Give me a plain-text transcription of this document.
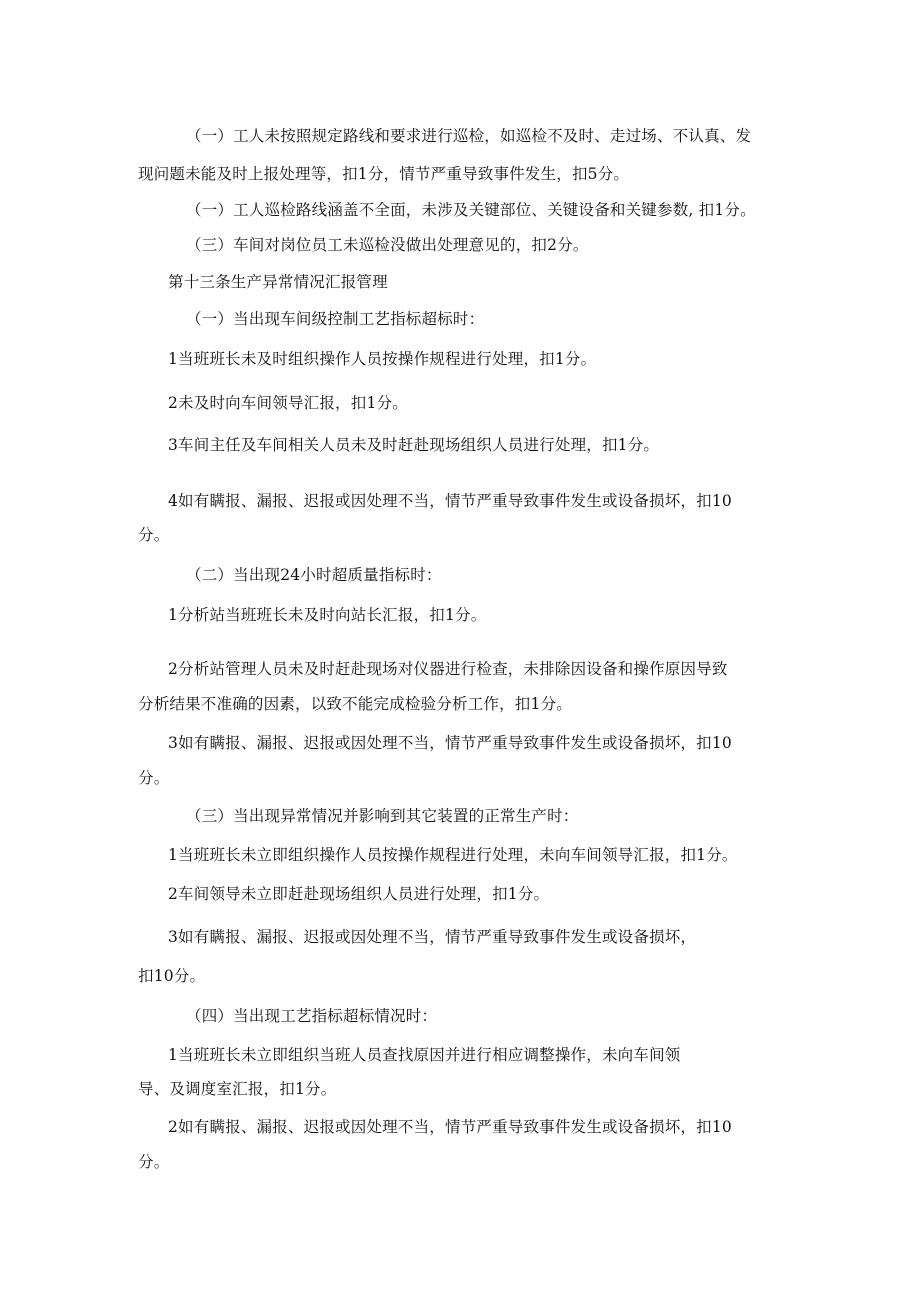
（一）工人未按照规定路线和要求进行巡检，如巡检不及时、走过场、不认真、发
现问题未能及时上报处理等，扣1分，情节严重导致事件发生，扣5分。
（一）工人巡检路线涵盖不全面，未涉及关键部位、关键设备和关键参数, 扣1分。
（三）车间对岗位员工未巡检没做出处理意见的，扣2分。
第十三条生产异常情况汇报管理
（一）当出现车间级控制工艺指标超标时：
1当班班长未及时组织操作人员按操作规程进行处理，扣1分。
2未及时向车间领导汇报，扣1分。
3车间主任及车间相关人员未及时赶赴现场组织人员进行处理，扣1分。
4如有瞒报、漏报、迟报或因处理不当，情节严重导致事件发生或设备损坏，扣10
分。
（二）当出现24小时超质量指标时：
1分析站当班班长未及时向站长汇报，扣1分。
2分析站管理人员未及时赶赴现场对仪器进行检查，未排除因设备和操作原因导致
分析结果不准确的因素，以致不能完成检验分析工作，扣1分。
3如有瞒报、漏报、迟报或因处理不当，情节严重导致事件发生或设备损坏，扣10
分。
（三）当出现异常情况并影响到其它装置的正常生产时：
1当班班长未立即组织操作人员按操作规程进行处理，未向车间领导汇报，扣1分。
2车间领导未立即赶赴现场组织人员进行处理，扣1分。
3如有瞒报、漏报、迟报或因处理不当，情节严重导致事件发生或设备损坏，
扣10分。
（四）当出现工艺指标超标情况时：
1当班班长未立即组织当班人员查找原因并进行相应调整操作，未向车间领
导、及调度室汇报，扣1分。
2如有瞒报、漏报、迟报或因处理不当，情节严重导致事件发生或设备损坏，扣10
分。
